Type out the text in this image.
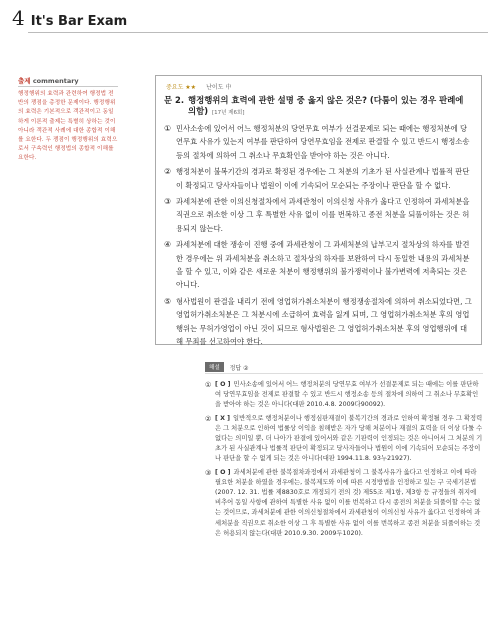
4 It's Bar Exam
출제 commentary
행정행위의 효력과 관련하여 행정법 전반의 쟁점을 총정한 문제이다. 행정행위의 효력은 기본적으로 객관적이고 동일하게 이론적 출제는 특별히 상하는 것이 아니라 객관적 사례에 대한 종합적 이해를 요한다. 두 쟁점이 행정행위의 효력으로서 구속력인 행정법의 종합적 이해를 요한다.
중요도 ★★ 난이도 中
문 2. 행정행위의 효력에 관한 설명 중 옳지 않은 것은? (다툼이 있는 경우 판례에 의함) [17년 제6회]
① 민사소송에 있어서 어느 행정처분의 당연무효 여부가 선결문제로 되는 때에는 행정처분에 당연무효 사유가 있는지 여부를 판단하여 당연무효임을 전제로 판결할 수 있고 반드시 행정소송 등의 절차에 의하여 그 취소나 무효확인을 받아야 하는 것은 아니다.
② 행정처분이 불복기간의 경과로 확정된 경우에는 그 처분의 기초가 된 사실관계나 법률적 판단이 확정되고 당사자들이나 법원이 이에 기속되어 모순되는 주장이나 판단을 할 수 없다.
③ 과세처분에 관한 이의신청절차에서 과세관청이 이의신청 사유가 옳다고 인정하여 과세처분을 직권으로 취소한 이상 그 후 특별한 사유 없이 이를 번복하고 종전 처분을 되풀이하는 것은 허용되지 않는다.
④ 과세처분에 대한 쟁송이 진행 중에 과세관청이 그 과세처분의 납부고지 절차상의 하자를 발견한 경우에는 위 과세처분을 취소하고 절차상의 하자를 보완하여 다시 동일한 내용의 과세처분을 할 수 있고, 이와 같은 새로운 처분이 행정행위의 불가쟁력이나 불가변력에 저촉되는 것은 아니다.
⑤ 형사법원이 판결을 내리기 전에 영업허가취소처분이 행정쟁송절차에 의하여 취소되었다면, 그 영업허가취소처분은 그 처분시에 소급하여 효력을 잃게 되며, 그 영업허가취소처분 후의 영업행위는 무허가영업이 아닌 것이 되므로 형사법원은 그 영업허가취소처분 후의 영업행위에 대해 무죄를 선고하여야 한다.
해설	정답 ②
① [ O ] 민사소송에 있어서 어느 행정처분의 당연무효 여부가 선결문제로 되는 때에는 이를 판단하여 당연무효임을 전제로 판결할 수 있고 반드시 행정소송 등의 절차에 의하여 그 취소나 무효확인을 받아야 하는 것은 아니다(대판 2010.4.8. 2009다90092).
② [ X ] 일반적으로 행정처분이나 행정심판재결이 불복기간의 경과로 인하여 확정될 경우 그 확정력은 그 처분으로 인하여 법률상 이익을 침해받은 자가 당해 처분이나 재결의 효력을 더 이상 다툴 수 없다는 의미일 뿐, 더 나아가 판결에 있어서와 같은 기판력이 인정되는 것은 아니어서 그 처분의 기초가 된 사실관계나 법률적 판단이 확정되고 당사자들이나 법원이 이에 기속되어 모순되는 주장이나 판단을 할 수 없게 되는 것은 아니다(대판 1994.11.8. 93누21927).
③ [ O ] 과세처분에 관한 불복절차과정에서 과세관청이 그 불복사유가 옳다고 인정하고 이에 따라 필요한 처분을 하였을 경우에는, 불복제도와 이에 따른 시정방법을 인정하고 있는 구 국세기본법(2007. 12. 31. 법률 제8830호로 개정되기 전의 것) 제55조 제1항, 제3항 등 규정들의 취지에 비추어 동일 사항에 관하여 특별한 사유 없이 이를 번복하고 다시 종전의 처분을 되풀이할 수는 없는 것이므로, 과세처분에 관한 이의신청절차에서 과세관청이 이의신청 사유가 옳다고 인정하여 과세처분을 직권으로 취소한 이상 그 후 특별한 사유 없이 이를 번복하고 종전 처분을 되풀이하는 것은 허용되지 않는다(대판 2010.9.30. 2009두1020).
